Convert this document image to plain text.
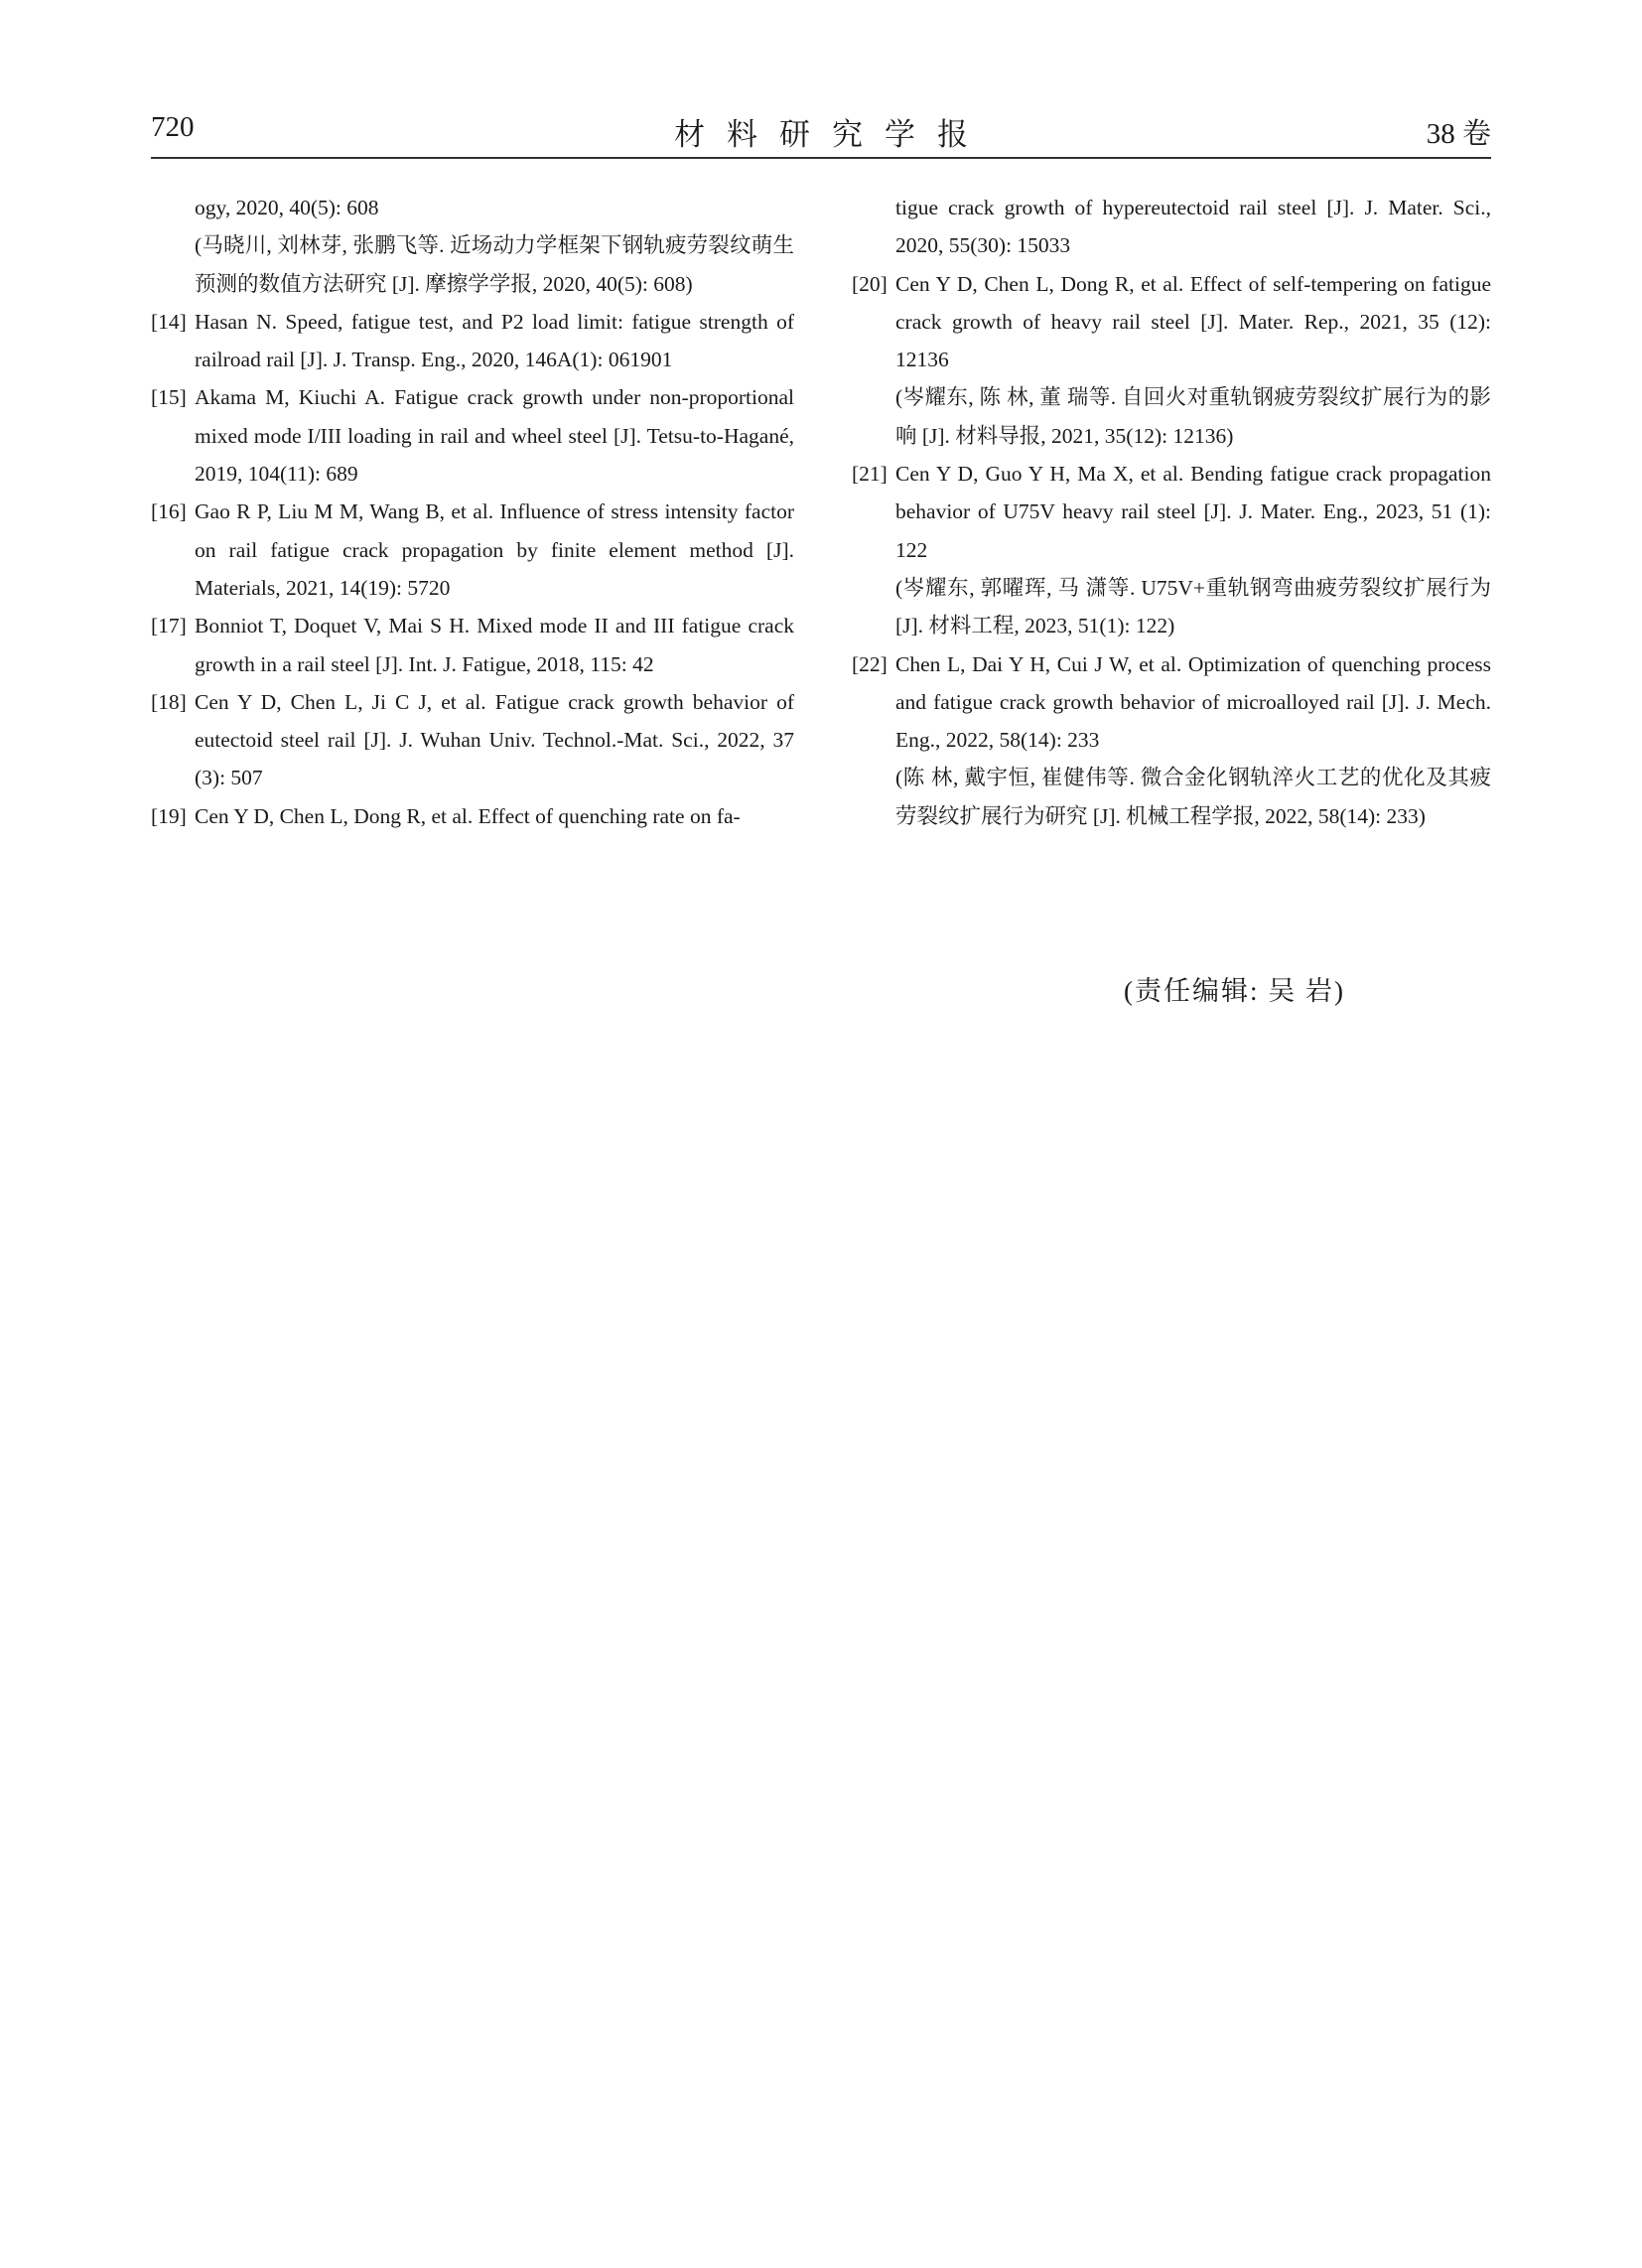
720	材料研究学报	38 卷
ogy, 2020, 40(5): 608
(马晓川, 刘林芽, 张鹏飞等. 近场动力学框架下钢轨疲劳裂纹萌生预测的数值方法研究 [J]. 摩擦学学报, 2020, 40(5): 608)
[14] Hasan N. Speed, fatigue test, and P2 load limit: fatigue strength of railroad rail [J]. J. Transp. Eng., 2020, 146A(1): 061901
[15] Akama M, Kiuchi A. Fatigue crack growth under non-proportional mixed mode I/III loading in rail and wheel steel [J]. Tetsu-to-Hagané, 2019, 104(11): 689
[16] Gao R P, Liu M M, Wang B, et al. Influence of stress intensity factor on rail fatigue crack propagation by finite element method [J]. Materials, 2021, 14(19): 5720
[17] Bonniot T, Doquet V, Mai S H. Mixed mode II and III fatigue crack growth in a rail steel [J]. Int. J. Fatigue, 2018, 115: 42
[18] Cen Y D, Chen L, Ji C J, et al. Fatigue crack growth behavior of eutectoid steel rail [J]. J. Wuhan Univ. Technol.-Mat. Sci., 2022, 37 (3): 507
[19] Cen Y D, Chen L, Dong R, et al. Effect of quenching rate on fa-
tigue crack growth of hypereutectoid rail steel [J]. J. Mater. Sci., 2020, 55(30): 15033
[20] Cen Y D, Chen L, Dong R, et al. Effect of self-tempering on fatigue crack growth of heavy rail steel [J]. Mater. Rep., 2021, 35 (12): 12136
(岑耀东, 陈 林, 董 瑞等. 自回火对重轨钢疲劳裂纹扩展行为的影响 [J]. 材料导报, 2021, 35(12): 12136)
[21] Cen Y D, Guo Y H, Ma X, et al. Bending fatigue crack propagation behavior of U75V heavy rail steel [J]. J. Mater. Eng., 2023, 51 (1): 122
(岑耀东, 郭曜珲, 马 潇等. U75V+重轨钢弯曲疲劳裂纹扩展行为 [J]. 材料工程, 2023, 51(1): 122)
[22] Chen L, Dai Y H, Cui J W, et al. Optimization of quenching process and fatigue crack growth behavior of microalloyed rail [J]. J. Mech. Eng., 2022, 58(14): 233
(陈 林, 戴宇恒, 崔健伟等. 微合金化钢轨淬火工艺的优化及其疲劳裂纹扩展行为研究 [J]. 机械工程学报, 2022, 58(14): 233)
(责任编辑: 吴 岩)
